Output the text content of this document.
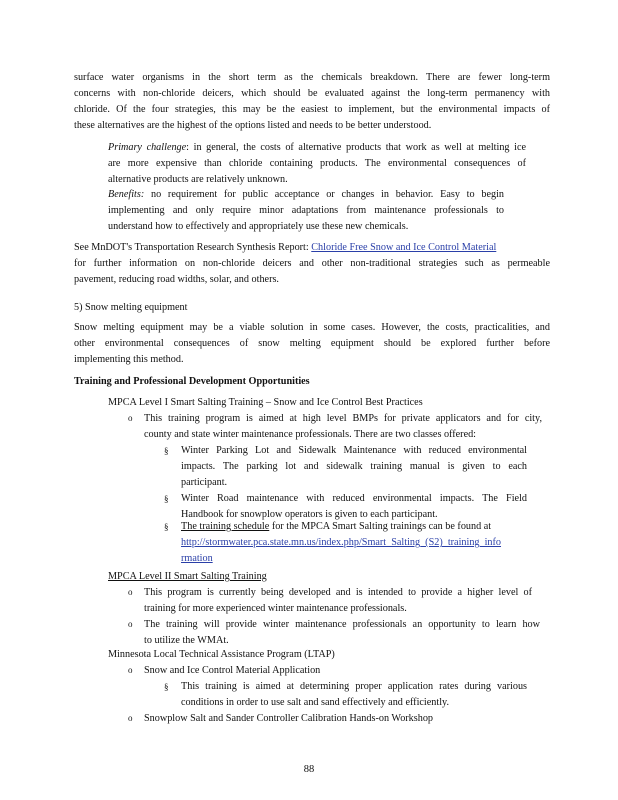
surface water organisms in the short term as the chemicals breakdown. There are fewer long-term
concerns with non-chloride deicers, which should be evaluated against the long-term permanency with
chloride. Of the four strategies, this may be the easiest to implement, but the environmental impacts of
these alternatives are the highest of the options listed and needs to be better understood.
Primary challenge: in general, the costs of alternative products that work as well at melting ice
are more expensive than chloride containing products. The environmental consequences of
alternative products are relatively unknown.
Benefits: no requirement for public acceptance or changes in behavior. Easy to begin
implementing and only require minor adaptations from maintenance professionals to
understand how to effectively and appropriately use these new chemicals.
See MnDOT's Transportation Research Synthesis Report: Chloride Free Snow and Ice Control Material
for further information on non-chloride deicers and other non-traditional strategies such as permeable
pavement, reducing road widths, solar, and others.
5) Snow melting equipment
Snow melting equipment may be a viable solution in some cases. However, the costs, practicalities, and
other environmental consequences of snow melting equipment should be explored further before
implementing this method.
Training and Professional Development Opportunities
MPCA Level I Smart Salting Training – Snow and Ice Control Best Practices
o This training program is aimed at high level BMPs for private applicators and for city,
county and state winter maintenance professionals. There are two classes offered:
§ Winter Parking Lot and Sidewalk Maintenance with reduced environmental
impacts. The parking lot and sidewalk training manual is given to each
participant.
§ Winter Road maintenance with reduced environmental impacts. The Field
Handbook for snowplow operators is given to each participant.
§ The training schedule for the MPCA Smart Salting trainings can be found at
http://stormwater.pca.state.mn.us/index.php/Smart_Salting_(S2)_training_info
rmation
MPCA Level II Smart Salting Training
o This program is currently being developed and is intended to provide a higher level of
training for more experienced winter maintenance professionals.
o The training will provide winter maintenance professionals an opportunity to learn how
to utilize the WMAt.
Minnesota Local Technical Assistance Program (LTAP)
o Snow and Ice Control Material Application
§ This training is aimed at determining proper application rates during various
conditions in order to use salt and sand effectively and efficiently.
o Snowplow Salt and Sander Controller Calibration Hands-on Workshop
88
